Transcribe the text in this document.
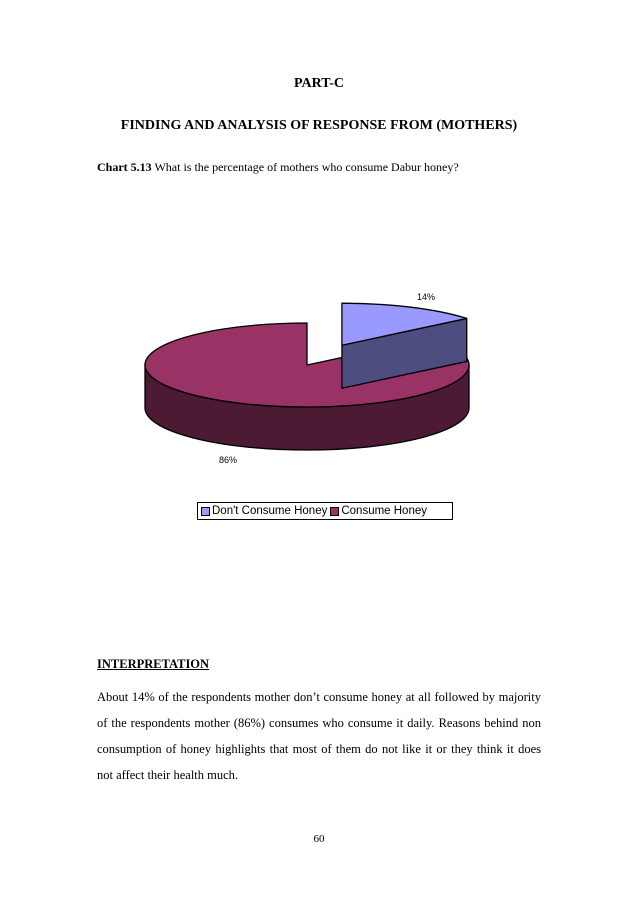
PART-C
FINDING AND ANALYSIS OF RESPONSE FROM (MOTHERS)
Chart 5.13 What is the percentage of mothers who consume Dabur honey?
14%
86%
Don't Consume Honey Consume Honey
INTERPRETATION
About 14% of the respondents mother don’t consume honey at all followed by majority of the respondents mother (86%) consumes who consume it daily. Reasons behind non consumption of honey highlights that most of them do not like it or they think it does not affect their health much.
60
